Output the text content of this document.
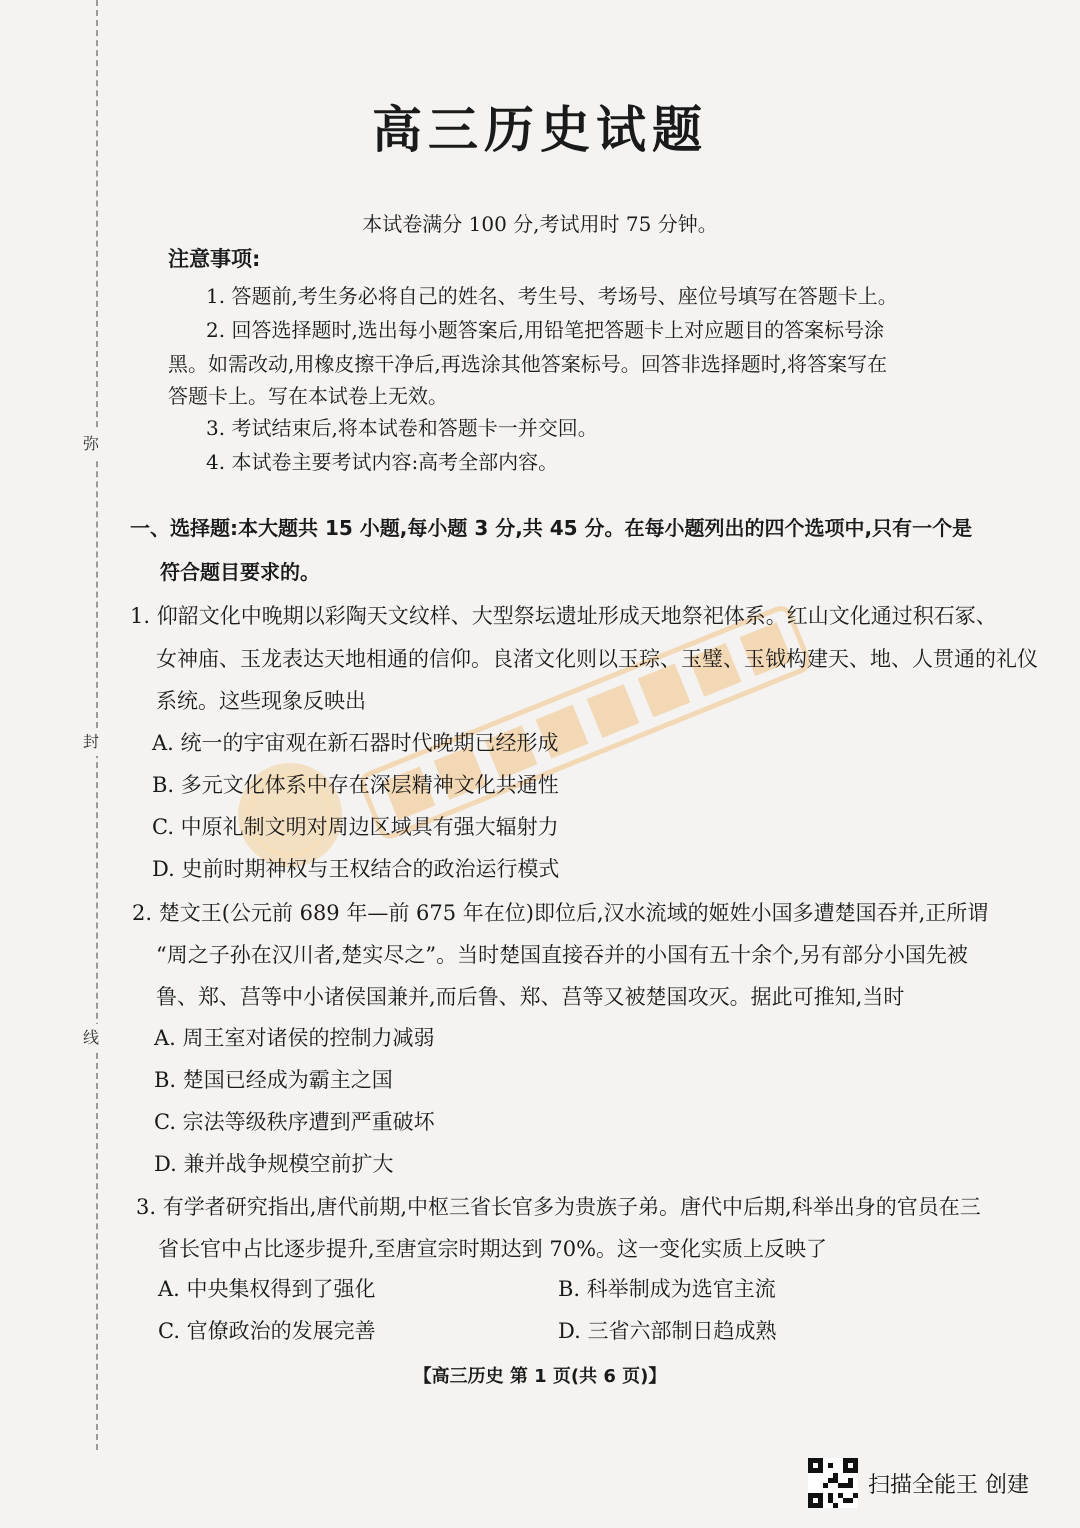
弥
封
线
高三历史试题
本试卷满分 100 分,考试用时 75 分钟。
注意事项:
1. 答题前,考生务必将自己的姓名、考生号、考场号、座位号填写在答题卡上。
2. 回答选择题时,选出每小题答案后,用铅笔把答题卡上对应题目的答案标号涂
黑。如需改动,用橡皮擦干净后,再选涂其他答案标号。回答非选择题时,将答案写在
答题卡上。写在本试卷上无效。
3. 考试结束后,将本试卷和答题卡一并交回。
4. 本试卷主要考试内容:高考全部内容。
一、选择题:本大题共 15 小题,每小题 3 分,共 45 分。在每小题列出的四个选项中,只有一个是
符合题目要求的。
1. 仰韶文化中晚期以彩陶天文纹样、大型祭坛遗址形成天地祭祀体系。红山文化通过积石冢、
女神庙、玉龙表达天地相通的信仰。良渚文化则以玉琮、玉璧、玉钺构建天、地、人贯通的礼仪
系统。这些现象反映出
A. 统一的宇宙观在新石器时代晚期已经形成
B. 多元文化体系中存在深层精神文化共通性
C. 中原礼制文明对周边区域具有强大辐射力
D. 史前时期神权与王权结合的政治运行模式
2. 楚文王(公元前 689 年—前 675 年在位)即位后,汉水流域的姬姓小国多遭楚国吞并,正所谓
“周之子孙在汉川者,楚实尽之”。当时楚国直接吞并的小国有五十余个,另有部分小国先被
鲁、郑、莒等中小诸侯国兼并,而后鲁、郑、莒等又被楚国攻灭。据此可推知,当时
A. 周王室对诸侯的控制力减弱
B. 楚国已经成为霸主之国
C. 宗法等级秩序遭到严重破坏
D. 兼并战争规模空前扩大
3. 有学者研究指出,唐代前期,中枢三省长官多为贵族子弟。唐代中后期,科举出身的官员在三
省长官中占比逐步提升,至唐宣宗时期达到 70%。这一变化实质上反映了
A. 中央集权得到了强化	B. 科举制成为选官主流
C. 官僚政治的发展完善	D. 三省六部制日趋成熟
【高三历史 第 1 页(共 6 页)】
扫描全能王 创建
